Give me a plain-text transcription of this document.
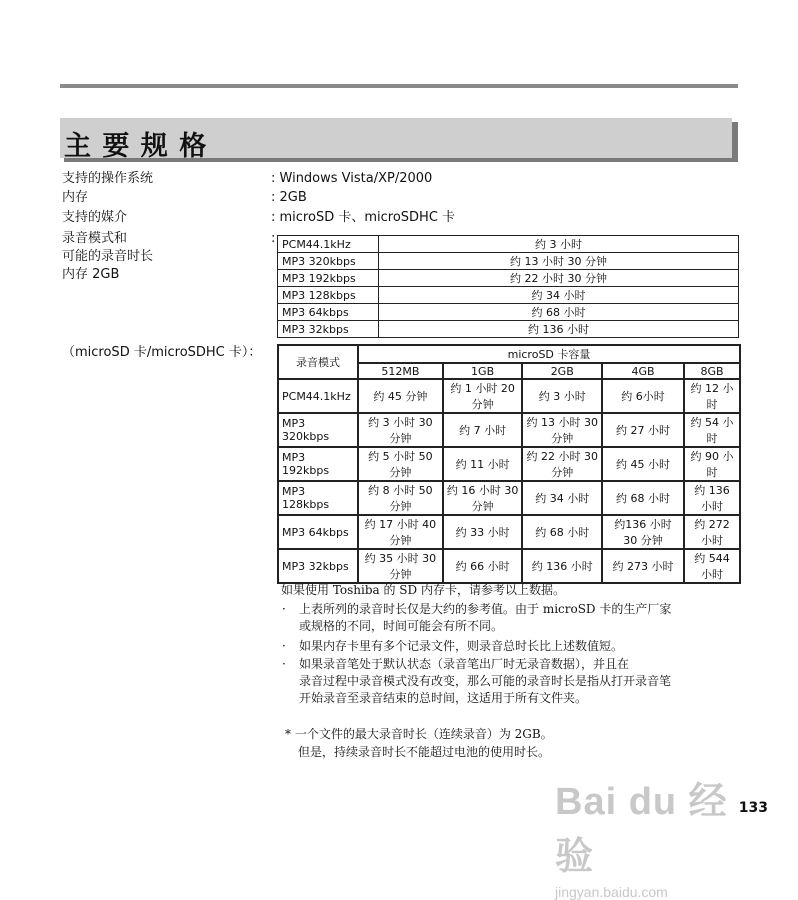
主 要 规 格
支持的操作系统	: Windows Vista/XP/2000
内存	: 2GB
支持的媒介	: microSD 卡、microSDHC 卡
录音模式和	:
可能的录音时长
内存 2GB
（microSD 卡/microSDHC 卡）：
PCM44.1kHz	约 3 小时
MP3 320kbps	约 13 小时 30 分钟
MP3 192kbps	约 22 小时 30 分钟
MP3 128kbps	约 34 小时
MP3 64kbps	约 68 小时
MP3 32kbps	约 136 小时
录音模式	microSD 卡容量				
	512MB	1GB	2GB	4GB	8GB
PCM44.1kHz	约 45 分钟	约 1 小时 20 分钟	约 3 小时	约 6小时	约 12 小时
MP3 320kbps	约 3 小时 30 分钟	约 7 小时	约 13 小时 30 分钟	约 27 小时	约 54 小时
MP3 192kbps	约 5 小时 50 分钟	约 11 小时	约 22 小时 30 分钟	约 45 小时	约 90 小时
MP3 128kbps	约 8 小时 50 分钟	约 16 小时 30 分钟	约 34 小时	约 68 小时	约 136 小时
MP3 64kbps	约 17 小时 40 分钟	约 33 小时	约 68 小时	约136 小时 30 分钟	约 272 小时
MP3 32kbps	约 35 小时 30 分钟	约 66 小时	约 136 小时	约 273 小时	约 544 小时
如果使用 Toshiba 的 SD 内存卡，请参考以上数据。
· 上表所列的录音时长仅是大约的参考值。由于 microSD 卡的生产厂家
或规格的不同，时间可能会有所不同。
· 如果内存卡里有多个记录文件，则录音总时长比上述数值短。
· 如果录音笔处于默认状态（录音笔出厂时无录音数据），并且在
录音过程中录音模式没有改变，那么可能的录音时长是指从打开录音笔
开始录音至录音结束的总时间，这适用于所有文件夹。
* 一个文件的最大录音时长（连续录音）为 2GB。
但是，持续录音时长不能超过电池的使用时长。
Bai du 经验
jingyan.baidu.com
133
